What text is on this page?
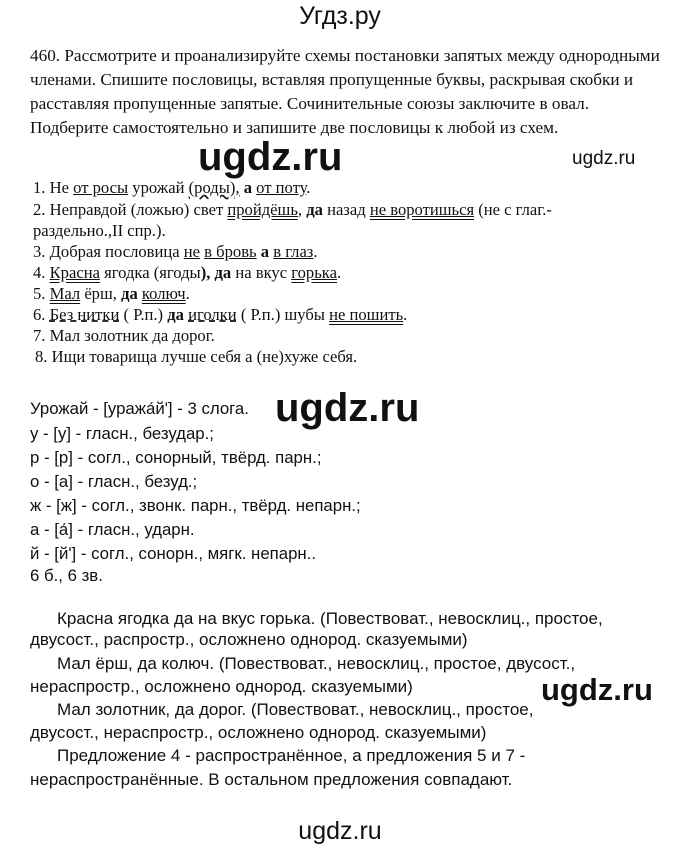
Угдз.ру
460. Рассмотрите и проанализируйте схемы постановки запятых между однородными членами. Спишите пословицы, вставляя пропущенные буквы, раскрывая скобки и расставляя пропущенные запятые. Сочинительные союзы заключите в овал. Подберите самостоятельно и запишите две пословицы к любой из схем.
ugdz.ru	ugdz.ru
1. Не от росы урожай (роды), а от поту.
2. Неправдой (ложью) свет пройдёшь, да назад не воротишься (не с глаг.-
раздельно.,II спр.).
3. Добрая пословица не в бровь а в глаз.
4. Красна ягодка (ягоды), да на вкус горька.
5. Мал ёрш, да колюч.
6. Без нитки ( Р.п.) да иголки ( Р.п.) шубы не пошить.
7. Мал золотник да дорог.
8. Ищи товарища лучше себя а (не)хуже себя.
Урожай - [уража́й'] - 3 слога. ugdz.ru
у - [у] - гласн., безудар.;
р - [р] - согл., сонорный, твёрд. парн.;
о - [а] - гласн., безуд.;
ж - [ж] - согл., звонк. парн., твёрд. непарн.;
а - [а́] - гласн., ударн.
й - [й'] - согл., сонорн., мягк. непарн..
6 б., 6 зв.
Красна ягодка да на вкус горька. (Повествоват., невосклиц., простое,
двусост., распростр., осложнено однород. сказуемыми)
Мал ёрш, да колюч. (Повествоват., невосклиц., простое, двусост.,
нераспростр., осложнено однород. сказуемыми)	ugdz.ru
Мал золотник, да дорог. (Повествоват., невосклиц., простое,
двусост., нераспростр., осложнено однород. сказуемыми)
Предложение 4 - распространённое, а предложения 5 и 7 -
нераспространённые. В остальном предложения совпадают.
ugdz.ru
